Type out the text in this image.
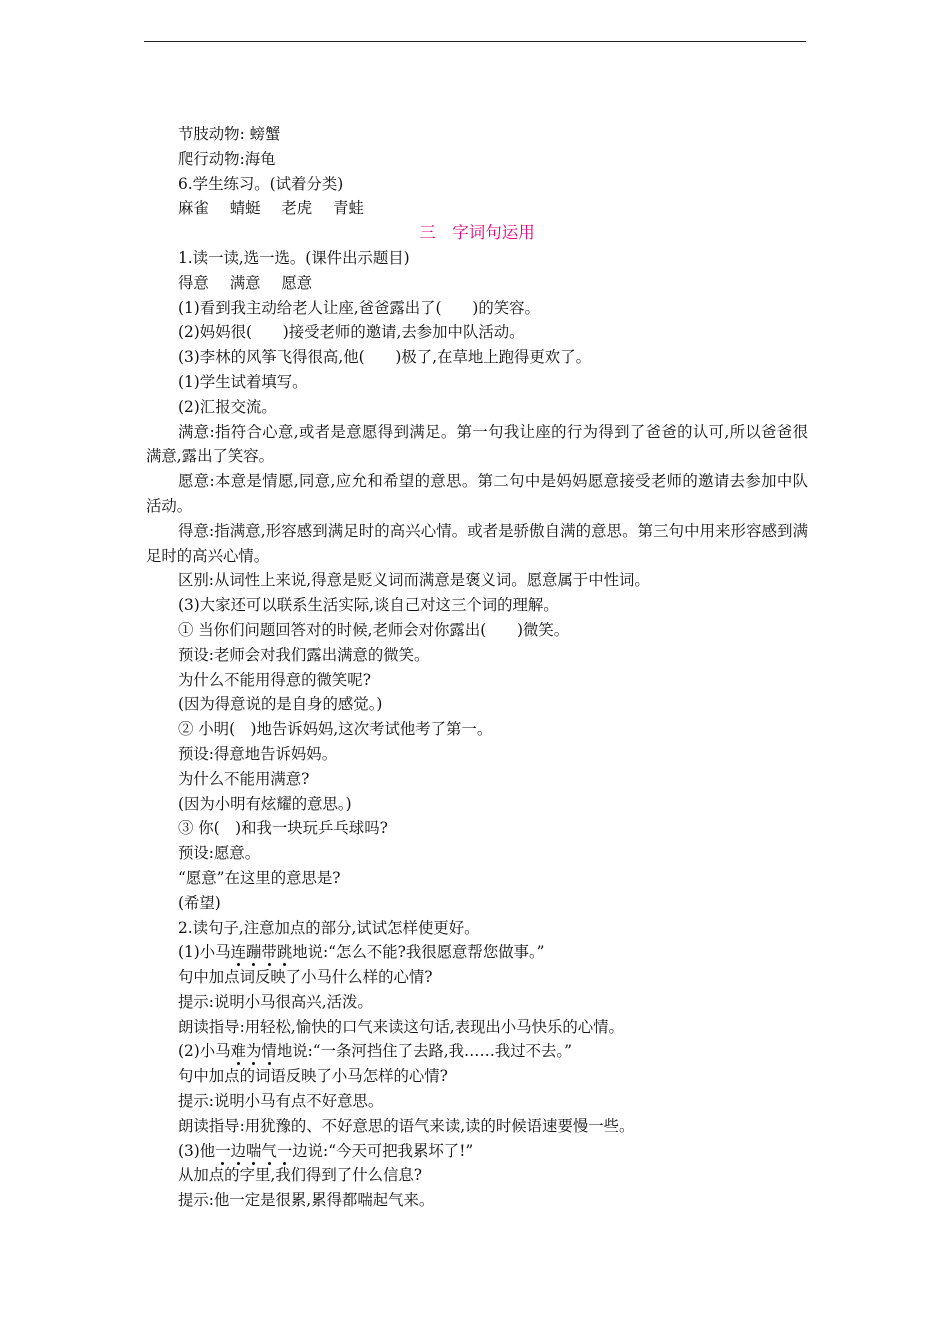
节肢动物: 螃蟹
爬行动物:海龟
6.学生练习。(试着分类)
麻雀 蜻蜓 老虎 青蛙
三　字词句运用
1.读一读,选一选。(课件出示题目)
得意 满意 愿意
(1)看到我主动给老人让座,爸爸露出了(　　)的笑容。
(2)妈妈很(　　)接受老师的邀请,去参加中队活动。
(3)李林的风筝飞得很高,他(　　)极了,在草地上跑得更欢了。
(1)学生试着填写。
(2)汇报交流。
满意:指符合心意,或者是意愿得到满足。第一句我让座的行为得到了爸爸的认可,所以爸爸很满意,露出了笑容。
愿意:本意是情愿,同意,应允和希望的意思。第二句中是妈妈愿意接受老师的邀请去参加中队活动。
得意:指满意,形容感到满足时的高兴心情。或者是骄傲自满的意思。第三句中用来形容感到满足时的高兴心情。
区别:从词性上来说,得意是贬义词而满意是褒义词。愿意属于中性词。
(3)大家还可以联系生活实际,谈自己对这三个词的理解。
① 当你们问题回答对的时候,老师会对你露出(　　)微笑。
预设:老师会对我们露出满意的微笑。
为什么不能用得意的微笑呢?
(因为得意说的是自身的感觉。)
② 小明(　)地告诉妈妈,这次考试他考了第一。
预设:得意地告诉妈妈。
为什么不能用满意?
(因为小明有炫耀的意思。)
③ 你(　)和我一块玩乒乓球吗?
预设:愿意。
“愿意”在这里的意思是?
(希望)
2.读句子,注意加点的部分,试试怎样使更好。
(1)小马连蹦带跳地说:“怎么不能?我很愿意帮您做事。”
句中加点词反映了小马什么样的心情?
提示:说明小马很高兴,活泼。
朗读指导:用轻松,愉快的口气来读这句话,表现出小马快乐的心情。
(2)小马难为情地说:“一条河挡住了去路,我……我过不去。”
句中加点的词语反映了小马怎样的心情?
提示:说明小马有点不好意思。
朗读指导:用犹豫的、不好意思的语气来读,读的时候语速要慢一些。
(3)他一边喘气一边说:“今天可把我累坏了!”
从加点的字里,我们得到了什么信息?
提示:他一定是很累,累得都喘起气来。
